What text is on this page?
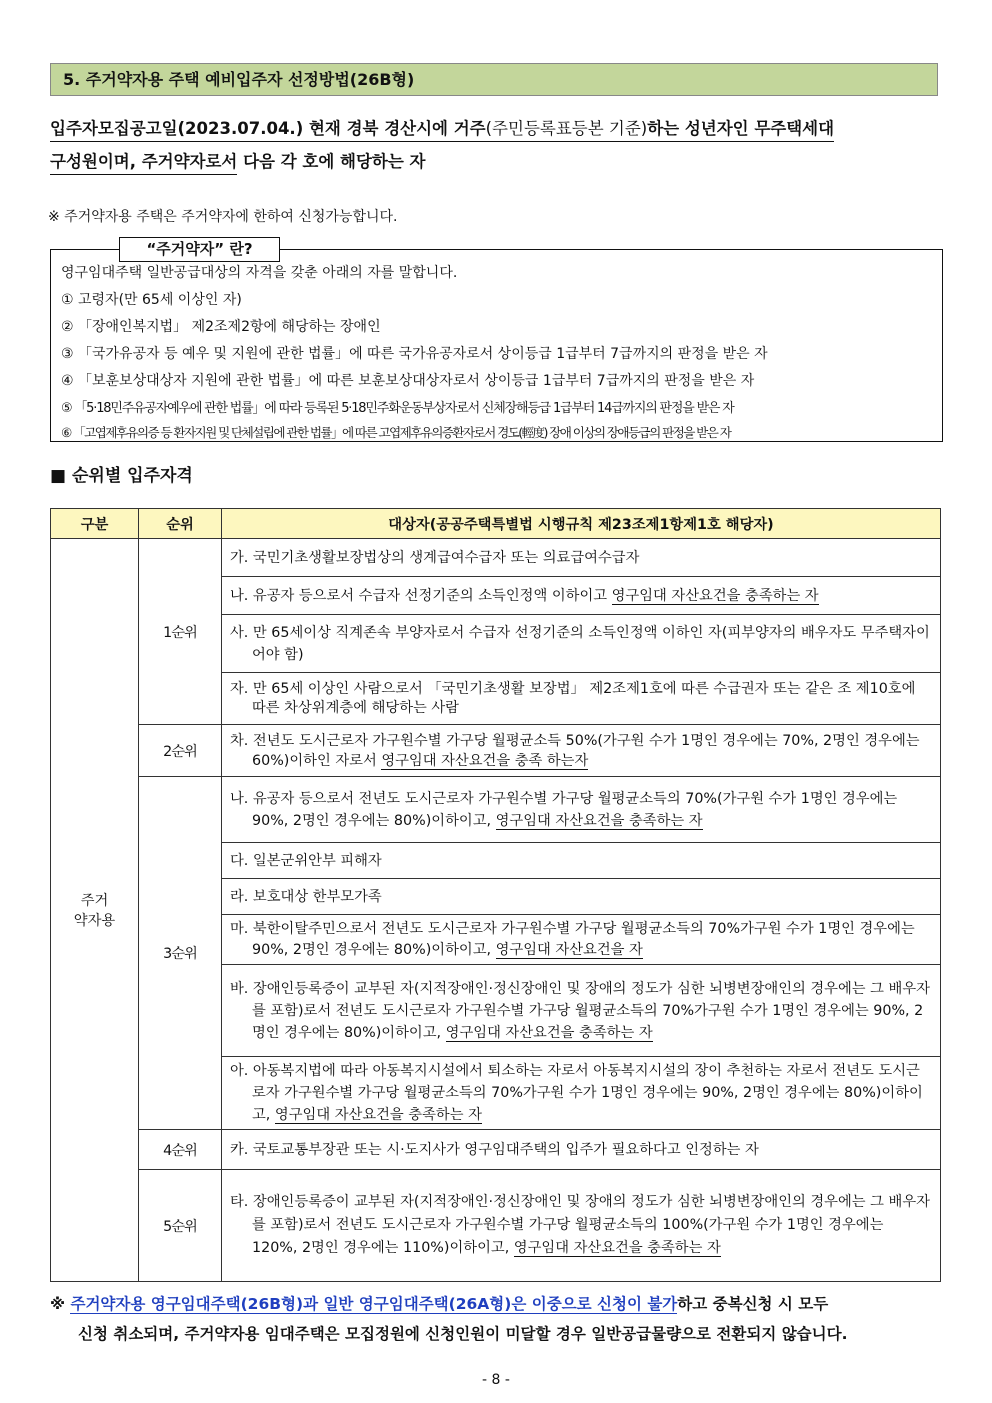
5. 주거약자용 주택 예비입주자 선정방법(26B형)
입주자모집공고일(2023.07.04.) 현재 경북 경산시에 거주(주민등록표등본 기준)하는 성년자인 무주택세대
구성원이며, 주거약자로서 다음 각 호에 해당하는 자
※ 주거약자용 주택은 주거약자에 한하여 신청가능합니다.
“주거약자” 란?
영구임대주택 일반공급대상의 자격을 갖춘 아래의 자를 말합니다.
① 고령자(만 65세 이상인 자)
② 「장애인복지법」 제2조제2항에 해당하는 장애인
③ 「국가유공자 등 예우 및 지원에 관한 법률」에 따른 국가유공자로서 상이등급 1급부터 7급까지의 판정을 받은 자
④ 「보훈보상대상자 지원에 관한 법률」에 따른 보훈보상대상자로서 상이등급 1급부터 7급까지의 판정을 받은 자
⑤ 「5·18민주유공자예우에 관한 법률」에 따라 등록된 5·18민주화운동부상자로서 신체장해등급 1급부터 14급까지의 판정을 받은 자
⑥ 「고엽제후유의증 등 환자지원 및 단체설립에 관한 법률」에 따른 고엽제후유의증환자로서 경도(輕度) 장애 이상의 장애등급의 판정을 받은 자
■ 순위별 입주자격
구분	순위	대상자(공공주택특별법 시행규칙 제23조제1항제1호 해당자)
주거
약자용	1순위	가. 국민기초생활보장법상의 생계급여수급자 또는 의료급여수급자
		나. 유공자 등으로서 수급자 선정기준의 소득인정액 이하이고 영구임대 자산요건을 충족하는 자

		사. 만 65세이상 직계존속 부양자로서 수급자 선정기준의 소득인정액 이하인 자(피부양자의 배우자도 무주택자이어야 함)

		자. 만 65세 이상인 사람으로서 「국민기초생활 보장법」 제2조제1호에 따른 수급권자 또는 같은 조 제10호에 따른 차상위계층에 해당하는 사람

	2순위	차. 전년도 도시근로자 가구원수별 가구당 월평균소득 50%(가구원 수가 1명인 경우에는 70%, 2명인 경우에는 60%)이하인 자로서 영구임대 자산요건을 충족 하는자

	3순위	나. 유공자 등으로서 전년도 도시근로자 가구원수별 가구당 월평균소득의 70%(가구원 수가 1명인 경우에는 90%, 2명인 경우에는 80%)이하이고, 영구임대 자산요건을 충족하는 자

		다. 일본군위안부 피해자
		라. 보호대상 한부모가족

		마. 북한이탈주민으로서 전년도 도시근로자 가구원수별 가구당 월평균소득의 70%가구원 수가 1명인 경우에는 90%, 2명인 경우에는 80%)이하이고, 영구임대 자산요건을 자

		바. 장애인등록증이 교부된 자(지적장애인·정신장애인 및 장애의 정도가 심한 뇌병변장애인의 경우에는 그 배우자를 포함)로서 전년도 도시근로자 가구원수별 가구당 월평균소득의 70%가구원 수가 1명인 경우에는 90%, 2명인 경우에는 80%)이하이고, 영구임대 자산요건을 충족하는 자

		아. 아동복지법에 따라 아동복지시설에서 퇴소하는 자로서 아동복지시설의 장이 추천하는 자로서 전년도 도시근로자 가구원수별 가구당 월평균소득의 70%가구원 수가 1명인 경우에는 90%, 2명인 경우에는 80%)이하이고, 영구임대 자산요건을 충족하는 자

	4순위	카. 국토교통부장관 또는 시·도지사가 영구임대주택의 입주가 필요하다고 인정하는 자
	5순위	타. 장애인등록증이 교부된 자(지적장애인·정신장애인 및 장애의 정도가 심한 뇌병변장애인의 경우에는 그 배우자를 포함)로서 전년도 도시근로자 가구원수별 가구당 월평균소득의 100%(가구원 수가 1명인 경우에는 120%, 2명인 경우에는 110%)이하이고, 영구임대 자산요건을 충족하는 자
※ 주거약자용 영구임대주택(26B형)과 일반 영구임대주택(26A형)은 이중으로 신청이 불가하고 중복신청 시 모두
신청 취소되며, 주거약자용 임대주택은 모집정원에 신청인원이 미달할 경우 일반공급물량으로 전환되지 않습니다.
- 8 -
